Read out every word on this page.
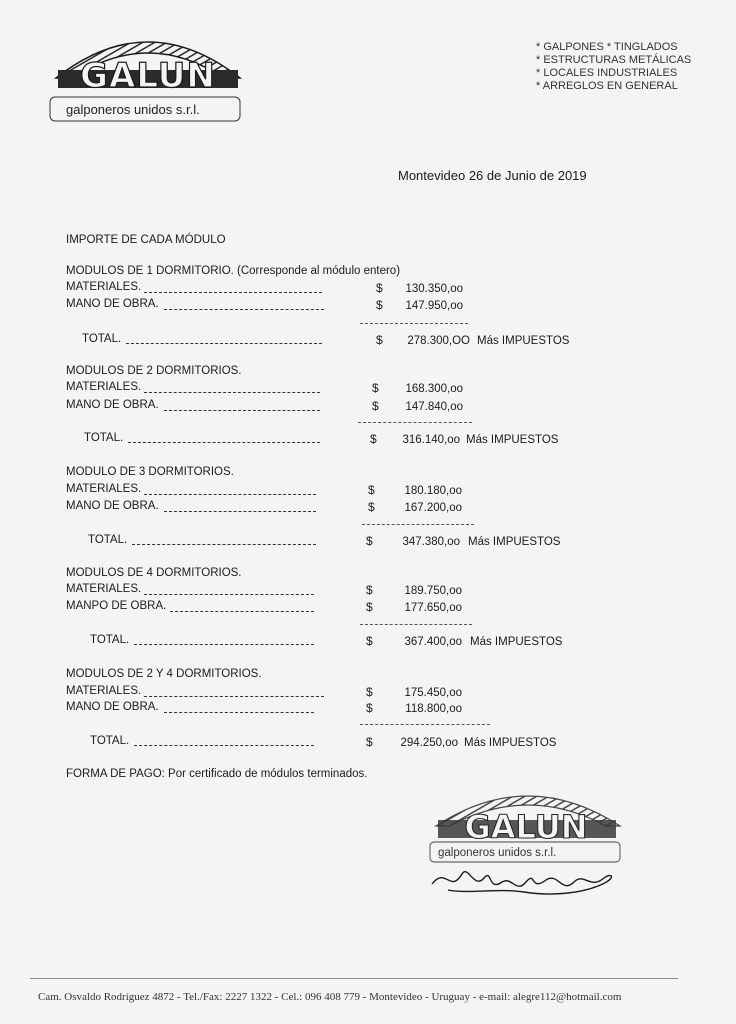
GALUN
galponeros unidos s.r.l.
* GALPONES * TINGLADOS
* ESTRUCTURAS METÁLICAS
* LOCALES INDUSTRIALES
* ARREGLOS EN GENERAL
Montevideo 26 de Junio de 2019
IMPORTE DE CADA MÓDULO
MODULOS DE 1 DORMITORIO. (Corresponde al módulo entero)
MATERIALES.	$	130.350,oo
MANO DE OBRA.	$	147.950,oo
TOTAL.	$	278.300,OO Más IMPUESTOS
MODULOS DE 2 DORMITORIOS.
MATERIALES.	$	168.300,oo
MANO DE OBRA.	$	147.840,oo
TOTAL.	$	316.140,oo Más IMPUESTOS
MODULO DE 3 DORMITORIOS.
MATERIALES.	$	180.180,oo
MANO DE OBRA.	$	167.200,oo
TOTAL.	$	347.380,oo Más IMPUESTOS
MODULOS DE 4 DORMITORIOS.
MATERIALES.	$	189.750,oo
MANPO DE OBRA.	$	177.650,oo
TOTAL.	$	367.400,oo Más IMPUESTOS
MODULOS DE 2 Y 4 DORMITORIOS.
MATERIALES.	$	175.450,oo
MANO DE OBRA.	$	118.800,oo
TOTAL.	$	294.250,oo Más IMPUESTOS
FORMA DE PAGO: Por certificado de módulos terminados.
GALUN
galponeros unidos s.r.l.
Cam. Osvaldo Rodríguez 4872 - Tel./Fax: 2227 1322 - Cel.: 096 408 779 - Montevideo - Uruguay - e-mail: alegre112@hotmail.com
